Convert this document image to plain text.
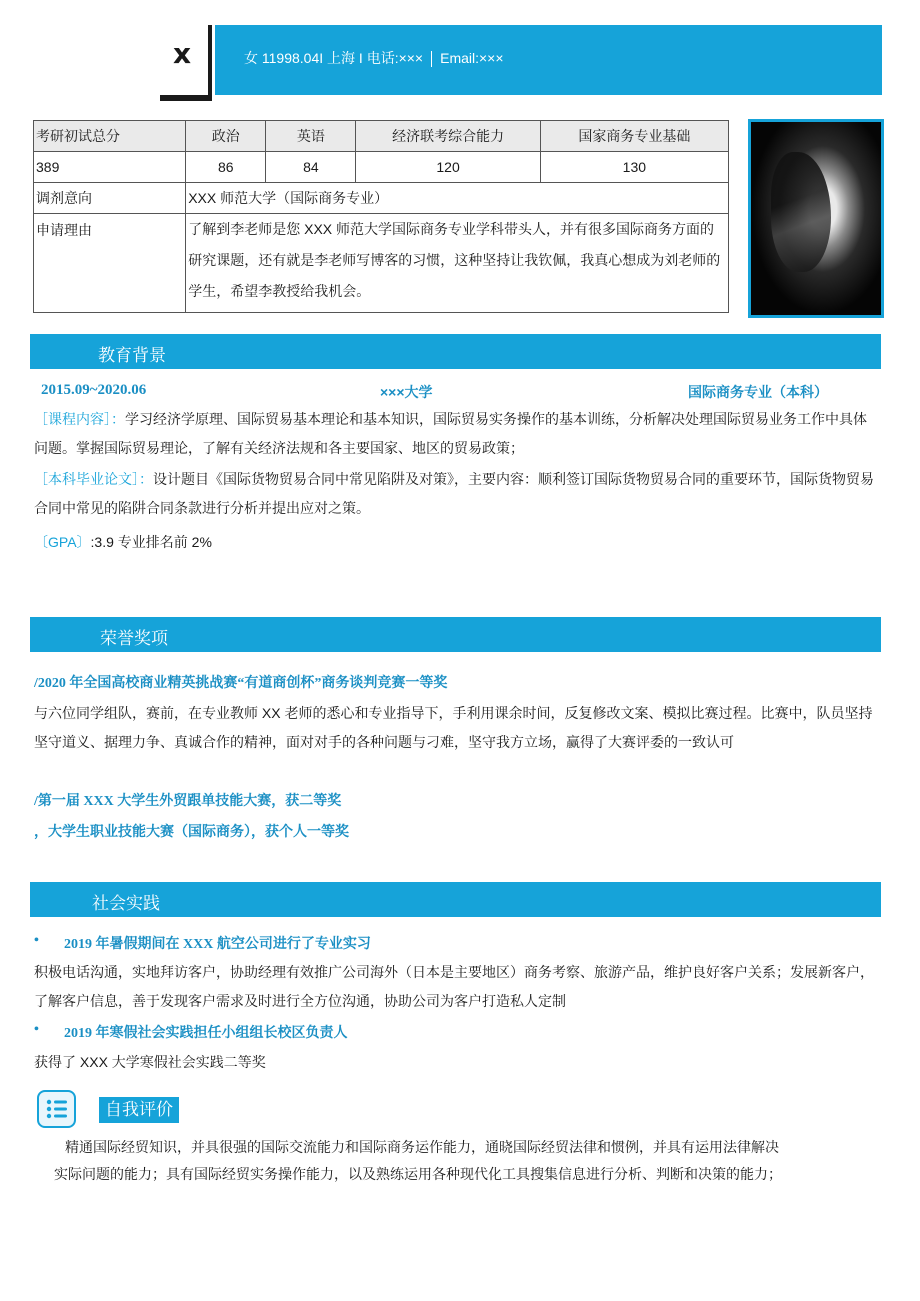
x	女 11998.04I 上海 I 电话:××× Email:×××
考研初试总分	政治	英语	经济联考综合能力	国家商务专业基础
389	86	84	120	130
调剂意向	XXX 师范大学（国际商务专业）			
申请理由	了解到李老师是您 XXX 师范大学国际商务专业学科带头人，并有很多国际商务方面的研究课题，还有就是李老师写博客的习惯，这种坚持让我钦佩，我真心想成为刘老师的学生，希望李教授给我机会。			
教育背景
2015.09~2020.06	×××大学	国际商务专业（本科）
［课程内容］：学习经济学原理、国际贸易基本理论和基本知识，国际贸易实务操作的基本训练，分析解决处理国际贸易业务工作中具体问题。掌握国际贸易理论，了解有关经济法规和各主要国家、地区的贸易政策；
［本科毕业论文］：设计题目《国际货物贸易合同中常见陷阱及对策》，主要内容：顺利签订国际货物贸易合同的重要环节，国际货物贸易合同中常见的陷阱合同条款进行分析并提出应对之策。
〔GPA〕:3.9 专业排名前 2%
荣誉奖项
/2020 年全国高校商业精英挑战赛“有道商创杯”商务谈判竞赛一等奖
与六位同学组队，赛前，在专业教师 XX 老师的悉心和专业指导下，手利用课余时间，反复修改文案、模拟比赛过程。比赛中，队员坚持坚守道义、据理力争、真诚合作的精神，面对对手的各种问题与刁难，坚守我方立场，赢得了大赛评委的一致认可
/第一届 XXX 大学生外贸跟单技能大赛，获二等奖
，大学生职业技能大赛（国际商务），获个人一等奖
社会实践
• 2019 年暑假期间在 XXX 航空公司进行了专业实习
积极电话沟通，实地拜访客户，协助经理有效推广公司海外（日本是主要地区）商务考察、旅游产品，维护良好客户关系；发展新客户，了解客户信息，善于发现客户需求及时进行全方位沟通，协助公司为客户打造私人定制
• 2019 年寒假社会实践担任小组组长校区负责人
获得了 XXX 大学寒假社会实践二等奖
自我评价
精通国际经贸知识，并具很强的国际交流能力和国际商务运作能力，通晓国际经贸法律和惯例，并具有运用法律解决
实际问题的能力；具有国际经贸实务操作能力，以及熟练运用各种现代化工具搜集信息进行分析、判断和决策的能力；
